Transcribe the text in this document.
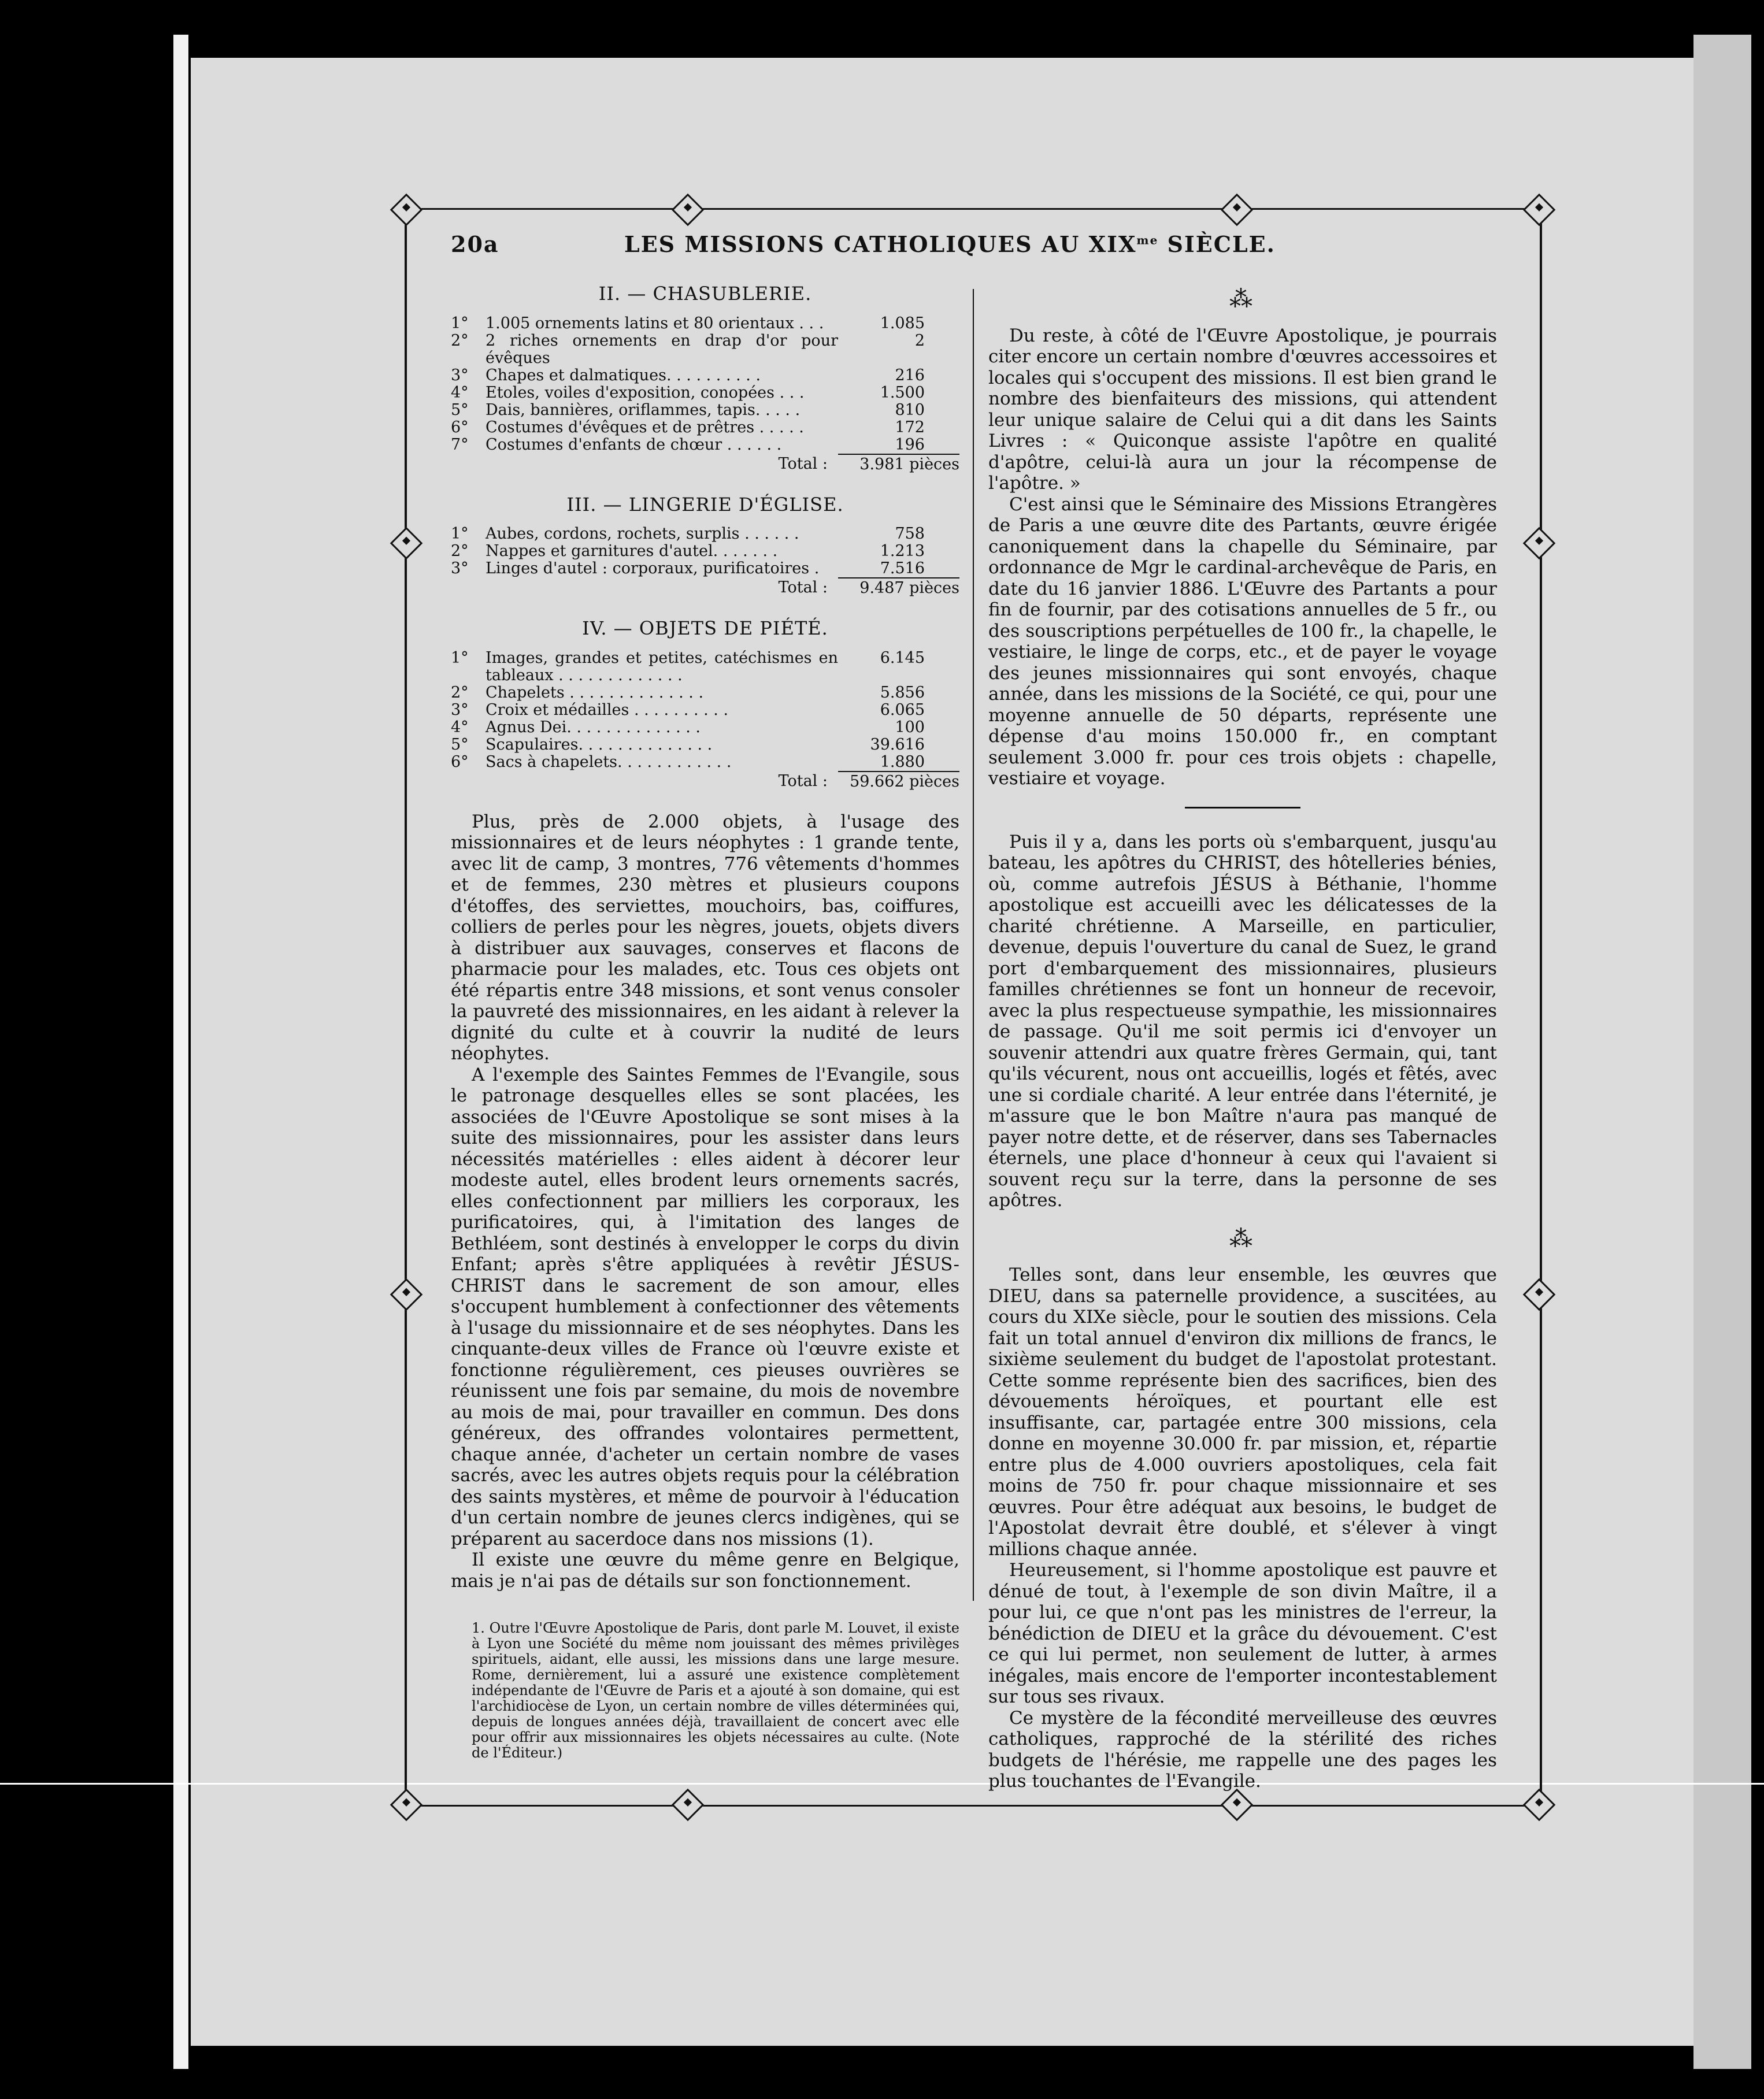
20a	LES MISSIONS CATHOLIQUES AU $XIX^{me}$ SIÈCLE.
II. — CHASUBLERIE.
1°	1.005 ornements latins et 80 orientaux . . .	1.085
2°	2 riches ornements en drap d'or pour évêques	2
3°	Chapes et dalmatiques. . . . . . . . . .	216
4°	Etoles, voiles d'exposition, conopées . . .	1.500
5°	Dais, bannières, oriflammes, tapis. . . . .	810
6°	Costumes d'évêques et de prêtres . . . . .	172
7°	Costumes d'enfants de chœur . . . . . .	196
	Total :	3.981 pièces
III. — LINGERIE D'ÉGLISE.
1°	Aubes, cordons, rochets, surplis . . . . . .	758
2°	Nappes et garnitures d'autel. . . . . . .	1.213
3°	Linges d'autel : corporaux, purificatoires .	7.516
	Total :	9.487 pièces
IV. — OBJETS DE PIÉTÉ.
1°	Images, grandes et petites, catéchismes en tableaux . . . . . . . . . . . . .	6.145
2°	Chapelets . . . . . . . . . . . . . .	5.856
3°	Croix et médailles . . . . . . . . . .	6.065
4°	Agnus Dei. . . . . . . . . . . . . .	100
5°	Scapulaires. . . . . . . . . . . . . .	39.616
6°	Sacs à chapelets. . . . . . . . . . . .	1.880
	Total :	59.662 pièces

Plus, près de 2.000 objets, à l'usage des missionnaires et de leurs néophytes : 1 grande tente, avec lit de camp, 3 montres, 776 vêtements d'hommes et de femmes, 230 mètres et plusieurs coupons d'étoffes, des serviettes, mouchoirs, bas, coiffures, colliers de perles pour les nègres, jouets, objets divers à distribuer aux sauvages, conserves et flacons de pharmacie pour les malades, etc. Tous ces objets ont été répartis entre 348 missions, et sont venus consoler la pauvreté des missionnaires, en les aidant à relever la dignité du culte et à couvrir la nudité de leurs néophytes.

A l'exemple des Saintes Femmes de l'Evangile, sous le patronage desquelles elles se sont placées, les associées de l'Œuvre Apostolique se sont mises à la suite des missionnaires, pour les assister dans leurs nécessités matérielles : elles aident à décorer leur modeste autel, elles brodent leurs ornements sacrés, elles confectionnent par milliers les corporaux, les purificatoires, qui, à l'imitation des langes de Bethléem, sont destinés à envelopper le corps du divin Enfant; après s'être appliquées à revêtir JÉSUS-CHRIST dans le sacrement de son amour, elles s'occupent humblement à confectionner des vêtements à l'usage du missionnaire et de ses néophytes. Dans les cinquante-deux villes de France où l'œuvre existe et fonctionne régulièrement, ces pieuses ouvrières se réunissent une fois par semaine, du mois de novembre au mois de mai, pour travailler en commun. Des dons généreux, des offrandes volontaires permettent, chaque année, d'acheter un certain nombre de vases sacrés, avec les autres objets requis pour la célébration des saints mystères, et même de pourvoir à l'éducation d'un certain nombre de jeunes clercs indigènes, qui se préparent au sacerdoce dans nos missions (1).

Il existe une œuvre du même genre en Belgique, mais je n'ai pas de détails sur son fonctionnement.

1. Outre l'Œuvre Apostolique de Paris, dont parle M. Louvet, il existe à Lyon une Société du même nom jouissant des mêmes privilèges spirituels, aidant, elle aussi, les missions dans une large mesure. Rome, dernièrement, lui a assuré une existence complètement indépendante de l'Œuvre de Paris et a ajouté à son domaine, qui est l'archidiocèse de Lyon, un certain nombre de villes déterminées qui, depuis de longues années déjà, travaillaient de concert avec elle pour offrir aux missionnaires les objets nécessaires au culte. (Note de l'Éditeur.)

⁂

Du reste, à côté de l'Œuvre Apostolique, je pourrais citer encore un certain nombre d'œuvres accessoires et locales qui s'occupent des missions. Il est bien grand le nombre des bienfaiteurs des missions, qui attendent leur unique salaire de Celui qui a dit dans les Saints Livres : « Quiconque assiste l'apôtre en qualité d'apôtre, celui-là aura un jour la récompense de l'apôtre. »

C'est ainsi que le Séminaire des Missions Etrangères de Paris a une œuvre dite des Partants, œuvre érigée canoniquement dans la chapelle du Séminaire, par ordonnance de Mgr le cardinal-archevêque de Paris, en date du 16 janvier 1886. L'Œuvre des Partants a pour fin de fournir, par des cotisations annuelles de 5 fr., ou des souscriptions perpétuelles de 100 fr., la chapelle, le vestiaire, le linge de corps, etc., et de payer le voyage des jeunes missionnaires qui sont envoyés, chaque année, dans les missions de la Société, ce qui, pour une moyenne annuelle de 50 départs, représente une dépense d'au moins 150.000 fr., en comptant seulement 3.000 fr. pour ces trois objets : chapelle, vestiaire et voyage.

Puis il y a, dans les ports où s'embarquent, jusqu'au bateau, les apôtres du CHRIST, des hôtelleries bénies, où, comme autrefois JÉSUS à Béthanie, l'homme apostolique est accueilli avec les délicatesses de la charité chrétienne. A Marseille, en particulier, devenue, depuis l'ouverture du canal de Suez, le grand port d'embarquement des missionnaires, plusieurs familles chrétiennes se font un honneur de recevoir, avec la plus respectueuse sympathie, les missionnaires de passage. Qu'il me soit permis ici d'envoyer un souvenir attendri aux quatre frères Germain, qui, tant qu'ils vécurent, nous ont accueillis, logés et fêtés, avec une si cordiale charité. A leur entrée dans l'éternité, je m'assure que le bon Maître n'aura pas manqué de payer notre dette, et de réserver, dans ses Tabernacles éternels, une place d'honneur à ceux qui l'avaient si souvent reçu sur la terre, dans la personne de ses apôtres.

⁂

Telles sont, dans leur ensemble, les œuvres que DIEU, dans sa paternelle providence, a suscitées, au cours du XIXe siècle, pour le soutien des missions. Cela fait un total annuel d'environ dix millions de francs, le sixième seulement du budget de l'apostolat protestant. Cette somme représente bien des sacrifices, bien des dévouements héroïques, et pourtant elle est insuffisante, car, partagée entre 300 missions, cela donne en moyenne 30.000 fr. par mission, et, répartie entre plus de 4.000 ouvriers apostoliques, cela fait moins de 750 fr. pour chaque missionnaire et ses œuvres. Pour être adéquat aux besoins, le budget de l'Apostolat devrait être doublé, et s'élever à vingt millions chaque année.

Heureusement, si l'homme apostolique est pauvre et dénué de tout, à l'exemple de son divin Maître, il a pour lui, ce que n'ont pas les ministres de l'erreur, la bénédiction de DIEU et la grâce du dévouement. C'est ce qui lui permet, non seulement de lutter, à armes inégales, mais encore de l'emporter incontestablement sur tous ses rivaux.

Ce mystère de la fécondité merveilleuse des œuvres catholiques, rapproché de la stérilité des riches budgets de l'hérésie, me rappelle une des pages les plus touchantes de l'Evangile.
